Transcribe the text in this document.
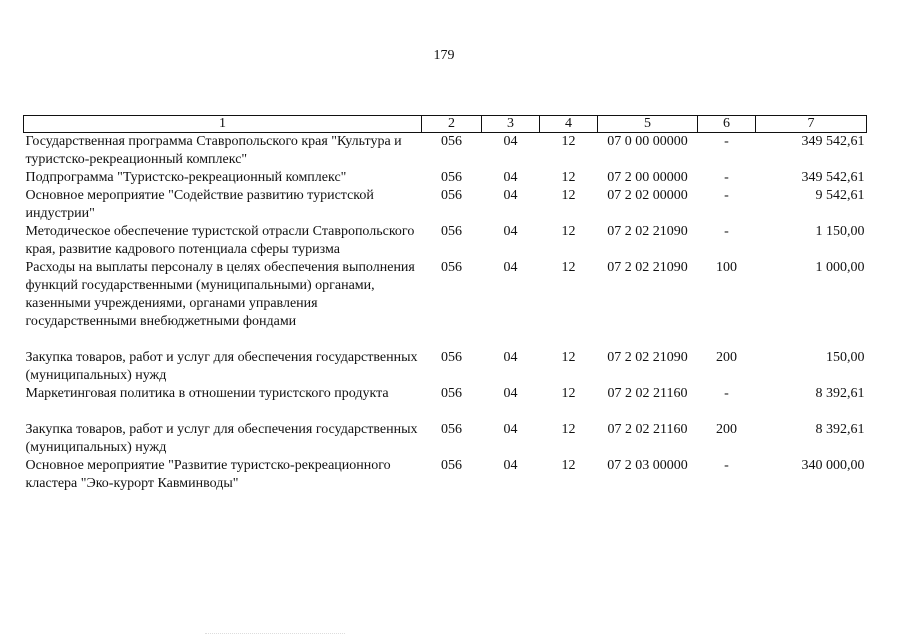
179
1	2	3	4	5	6	7
Государственная программа Ставропольского края "Культура и туристско-рекреационный комплекс"	056	04	12	07 0 00 00000	-	349 542,61
Подпрограмма "Туристско-рекреационный комплекс"	056	04	12	07 2 00 00000	-	349 542,61
Основное мероприятие "Содействие развитию туристской индустрии"	056	04	12	07 2 02 00000	-	9 542,61
Методическое обеспечение туристской отрасли Ставропольского края, развитие кадрового потенциала сферы туризма	056	04	12	07 2 02 21090	-	1 150,00
Расходы на выплаты персоналу в целях обеспечения выполнения функций государственными (муниципальными) органами, казенными учреждениями, органами управления государственными внебюджетными фондами	056	04	12	07 2 02 21090	100	1 000,00
Закупка товаров, работ и услуг для обеспечения государственных (муниципальных) нужд	056	04	12	07 2 02 21090	200	150,00
Маркетинговая политика в отношении туристского продукта	056	04	12	07 2 02 21160	-	8 392,61
Закупка товаров, работ и услуг для обеспечения государственных (муниципальных) нужд	056	04	12	07 2 02 21160	200	8 392,61
Основное мероприятие "Развитие туристско-рекреационного кластера "Эко-курорт Кавминводы"	056	04	12	07 2 03 00000	-	340 000,00
